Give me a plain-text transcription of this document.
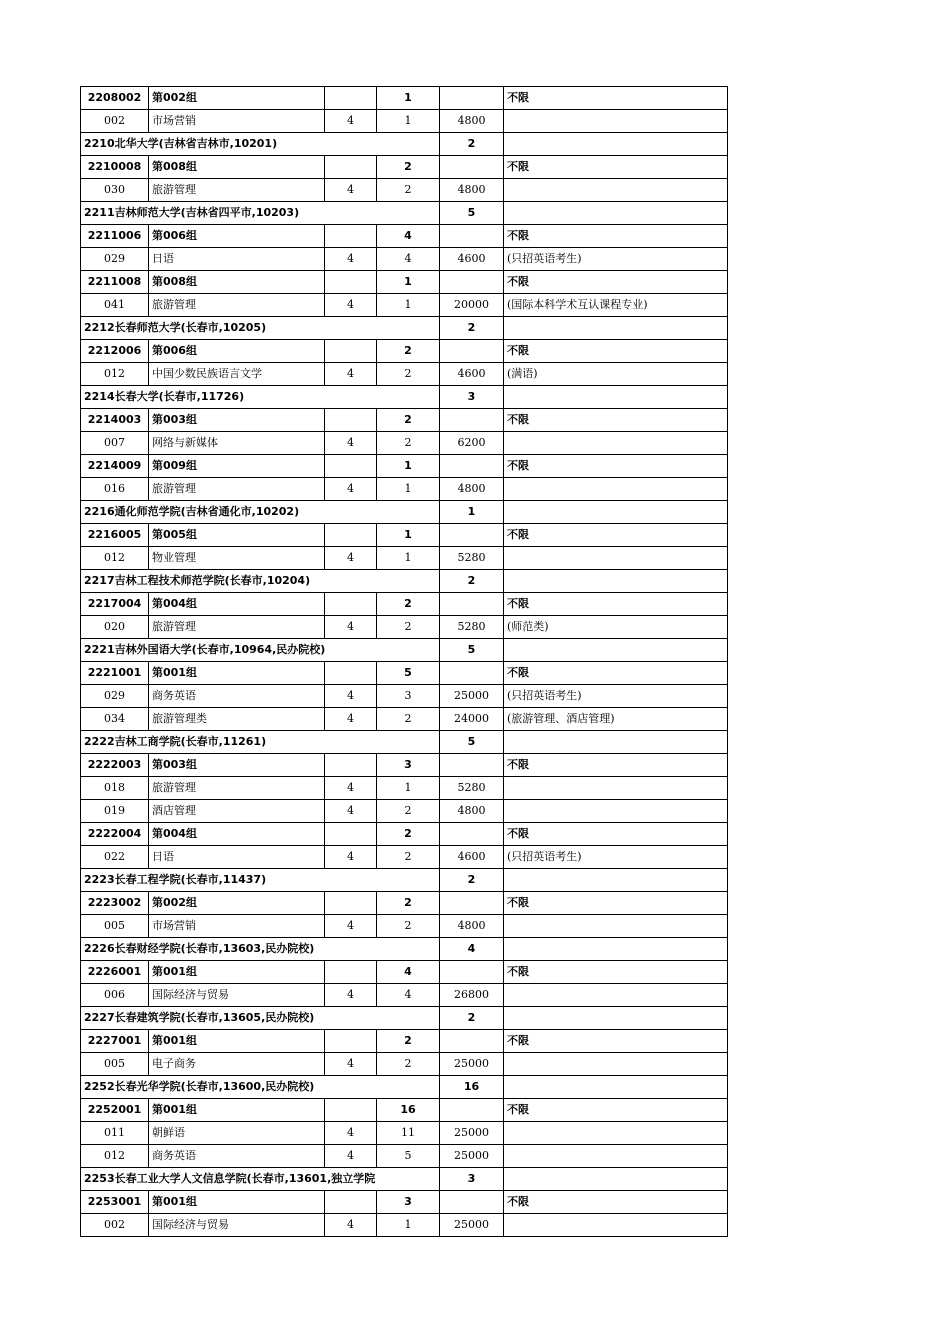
2208002	第002组		1		不限	
002	市场营销	4	1	4800		
2210北华大学(吉林省吉林市,10201)				2		
2210008	第008组		2		不限	
030	旅游管理	4	2	4800		
2211吉林师范大学(吉林省四平市,10203)				5		
2211006	第006组		4		不限	
029	日语	4	4	4600	(只招英语考生)	
2211008	第008组		1		不限	
041	旅游管理	4	1	20000	(国际本科学术互认课程专业)	
2212长春师范大学(长春市,10205)				2		
2212006	第006组		2		不限	
012	中国少数民族语言文学	4	2	4600	(满语)	
2214长春大学(长春市,11726)				3		
2214003	第003组		2		不限	
007	网络与新媒体	4	2	6200		
2214009	第009组		1		不限	
016	旅游管理	4	1	4800		
2216通化师范学院(吉林省通化市,10202)				1		
2216005	第005组		1		不限	
012	物业管理	4	1	5280		
2217吉林工程技术师范学院(长春市,10204)				2		
2217004	第004组		2		不限	
020	旅游管理	4	2	5280	(师范类)	
2221吉林外国语大学(长春市,10964,民办院校)				5		
2221001	第001组		5		不限	
029	商务英语	4	3	25000	(只招英语考生)	
034	旅游管理类	4	2	24000	(旅游管理、酒店管理)	
2222吉林工商学院(长春市,11261)				5		
2222003	第003组		3		不限	
018	旅游管理	4	1	5280		
019	酒店管理	4	2	4800		
2222004	第004组		2		不限	
022	日语	4	2	4600	(只招英语考生)	
2223长春工程学院(长春市,11437)				2		
2223002	第002组		2		不限	
005	市场营销	4	2	4800		
2226长春财经学院(长春市,13603,民办院校)				4		
2226001	第001组		4		不限	
006	国际经济与贸易	4	4	26800		
2227长春建筑学院(长春市,13605,民办院校)				2		
2227001	第001组		2		不限	
005	电子商务	4	2	25000		
2252长春光华学院(长春市,13600,民办院校)				16		
2252001	第001组		16		不限	
011	朝鲜语	4	11	25000		
012	商务英语	4	5	25000		
2253长春工业大学人文信息学院(长春市,13601,独立学院				3		
2253001	第001组		3		不限	
002	国际经济与贸易	4	1	25000		
